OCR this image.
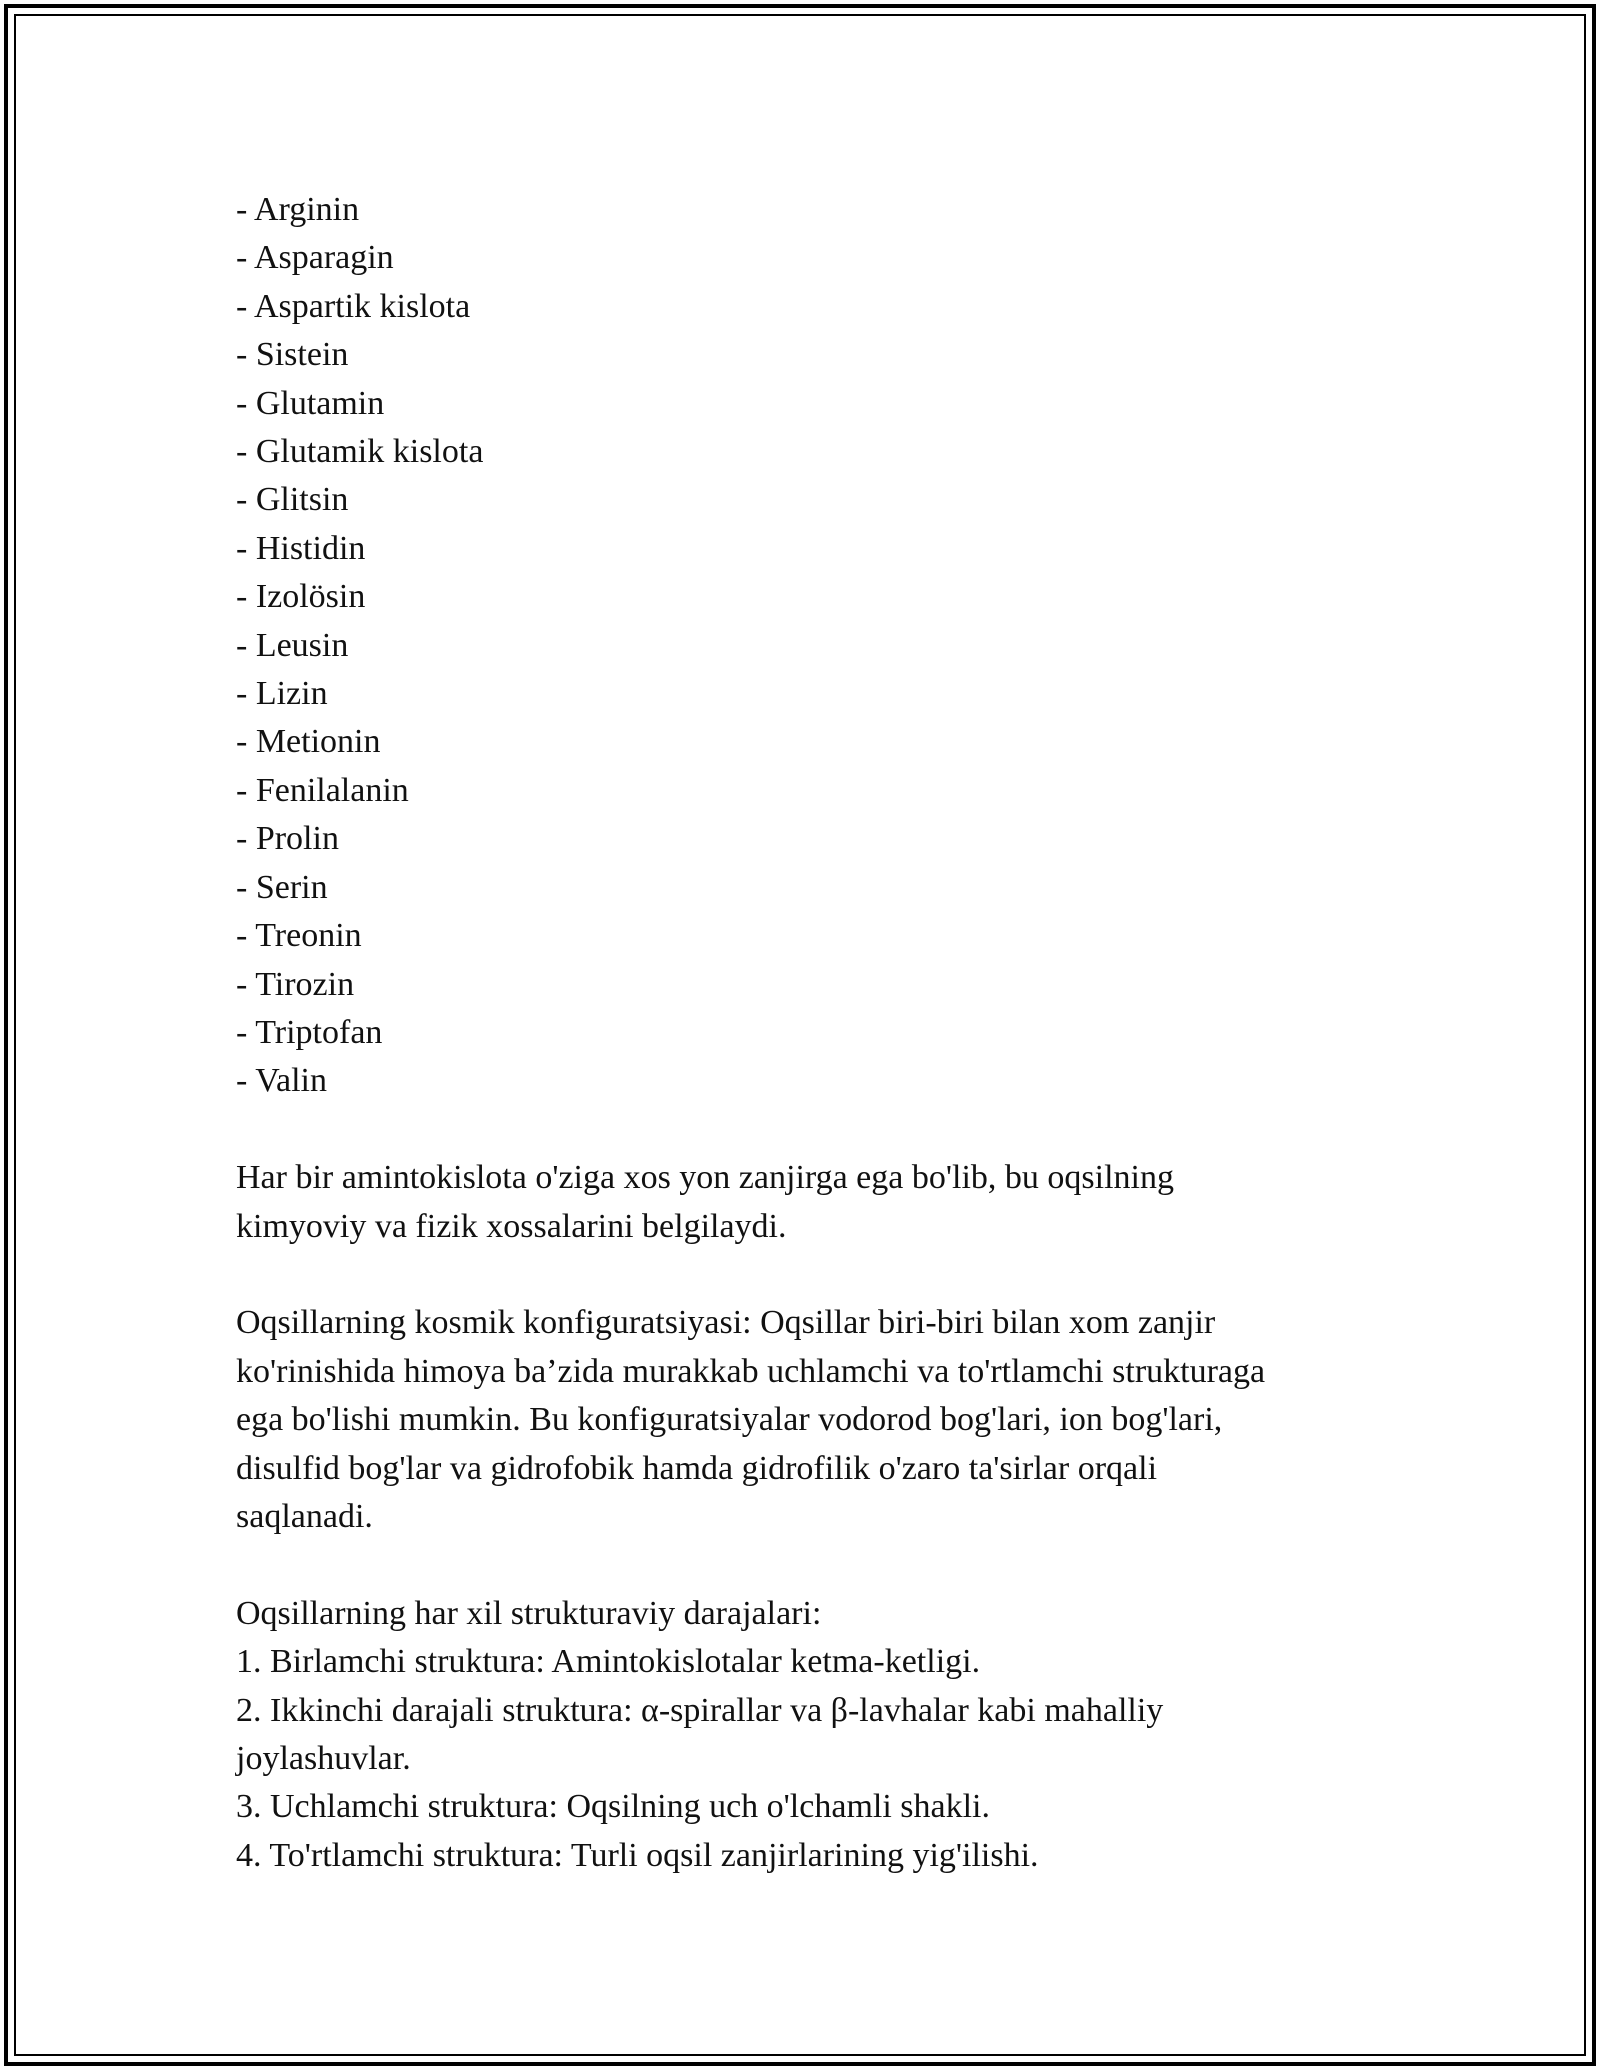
- Arginin
- Asparagin
- Aspartik kislota
- Sistein
- Glutamin
- Glutamik kislota
- Glitsin
- Histidin
- Izolösin
- Leusin
- Lizin
- Metionin
- Fenilalanin
- Prolin
- Serin
- Treonin
- Tirozin
- Triptofan
- Valin

Har bir amintokislota o'ziga xos yon zanjirga ega bo'lib, bu oqsilning
kimyoviy va fizik xossalarini belgilaydi.

Oqsillarning kosmik konfiguratsiyasi: Oqsillar biri-biri bilan xom zanjir
ko'rinishida himoya ba’zida murakkab uchlamchi va to'rtlamchi strukturaga
ega bo'lishi mumkin. Bu konfiguratsiyalar vodorod bog'lari, ion bog'lari,
disulfid bog'lar va gidrofobik hamda gidrofilik o'zaro ta'sirlar orqali
saqlanadi.

Oqsillarning har xil strukturaviy darajalari:
1. Birlamchi struktura: Amintokislotalar ketma-ketligi.
2. Ikkinchi darajali struktura: α-spirallar va β-lavhalar kabi mahalliy
joylashuvlar.
3. Uchlamchi struktura: Oqsilning uch o'lchamli shakli.
4. To'rtlamchi struktura: Turli oqsil zanjirlarining yig'ilishi.
